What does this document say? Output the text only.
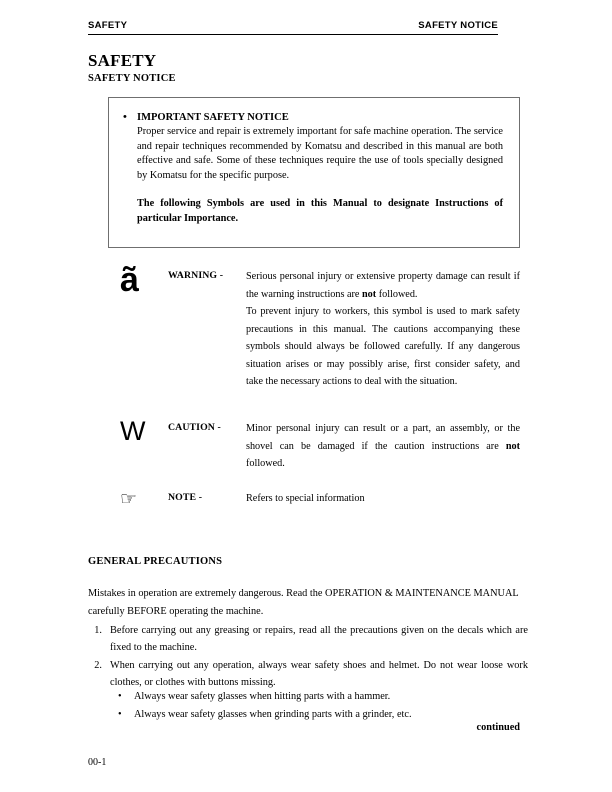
SAFETY	SAFETY NOTICE
SAFETY
SAFETY NOTICE
• IMPORTANT SAFETY NOTICE
Proper service and repair is extremely important for safe machine operation. The service and repair techniques recommended by Komatsu and described in this manual are both effective and safe. Some of these techniques require the use of tools specially designed by Komatsu for the specific purpose.
The following Symbols are used in this Manual to designate Instructions of particular Importance.
ã	WARNING -	Serious personal injury or extensive property damage can result if the warning instructions are not followed.

To prevent injury to workers, this symbol is used to mark safety precautions in this manual. The cautions accompanying these symbols should always be followed carefully. If any dangerous situation arises or may possibly arise, first consider safety, and take the necessary actions to deal with the situation.

W	CAUTION -	Minor personal injury can result or a part, an assembly, or the shovel can be damaged if the caution instructions are not followed.

☞	NOTE -	Refers to special information

GENERAL PRECAUTIONS
Mistakes in operation are extremely dangerous. Read the OPERATION & MAINTENANCE MANUAL carefully BEFORE operating the machine.
1. Before carrying out any greasing or repairs, read all the precautions given on the decals which are fixed to the machine.
2. When carrying out any operation, always wear safety shoes and helmet. Do not wear loose work clothes, or clothes with buttons missing.
•	Always wear safety glasses when hitting parts with a hammer.
•	Always wear safety glasses when grinding parts with a grinder, etc.
continued
00-1
